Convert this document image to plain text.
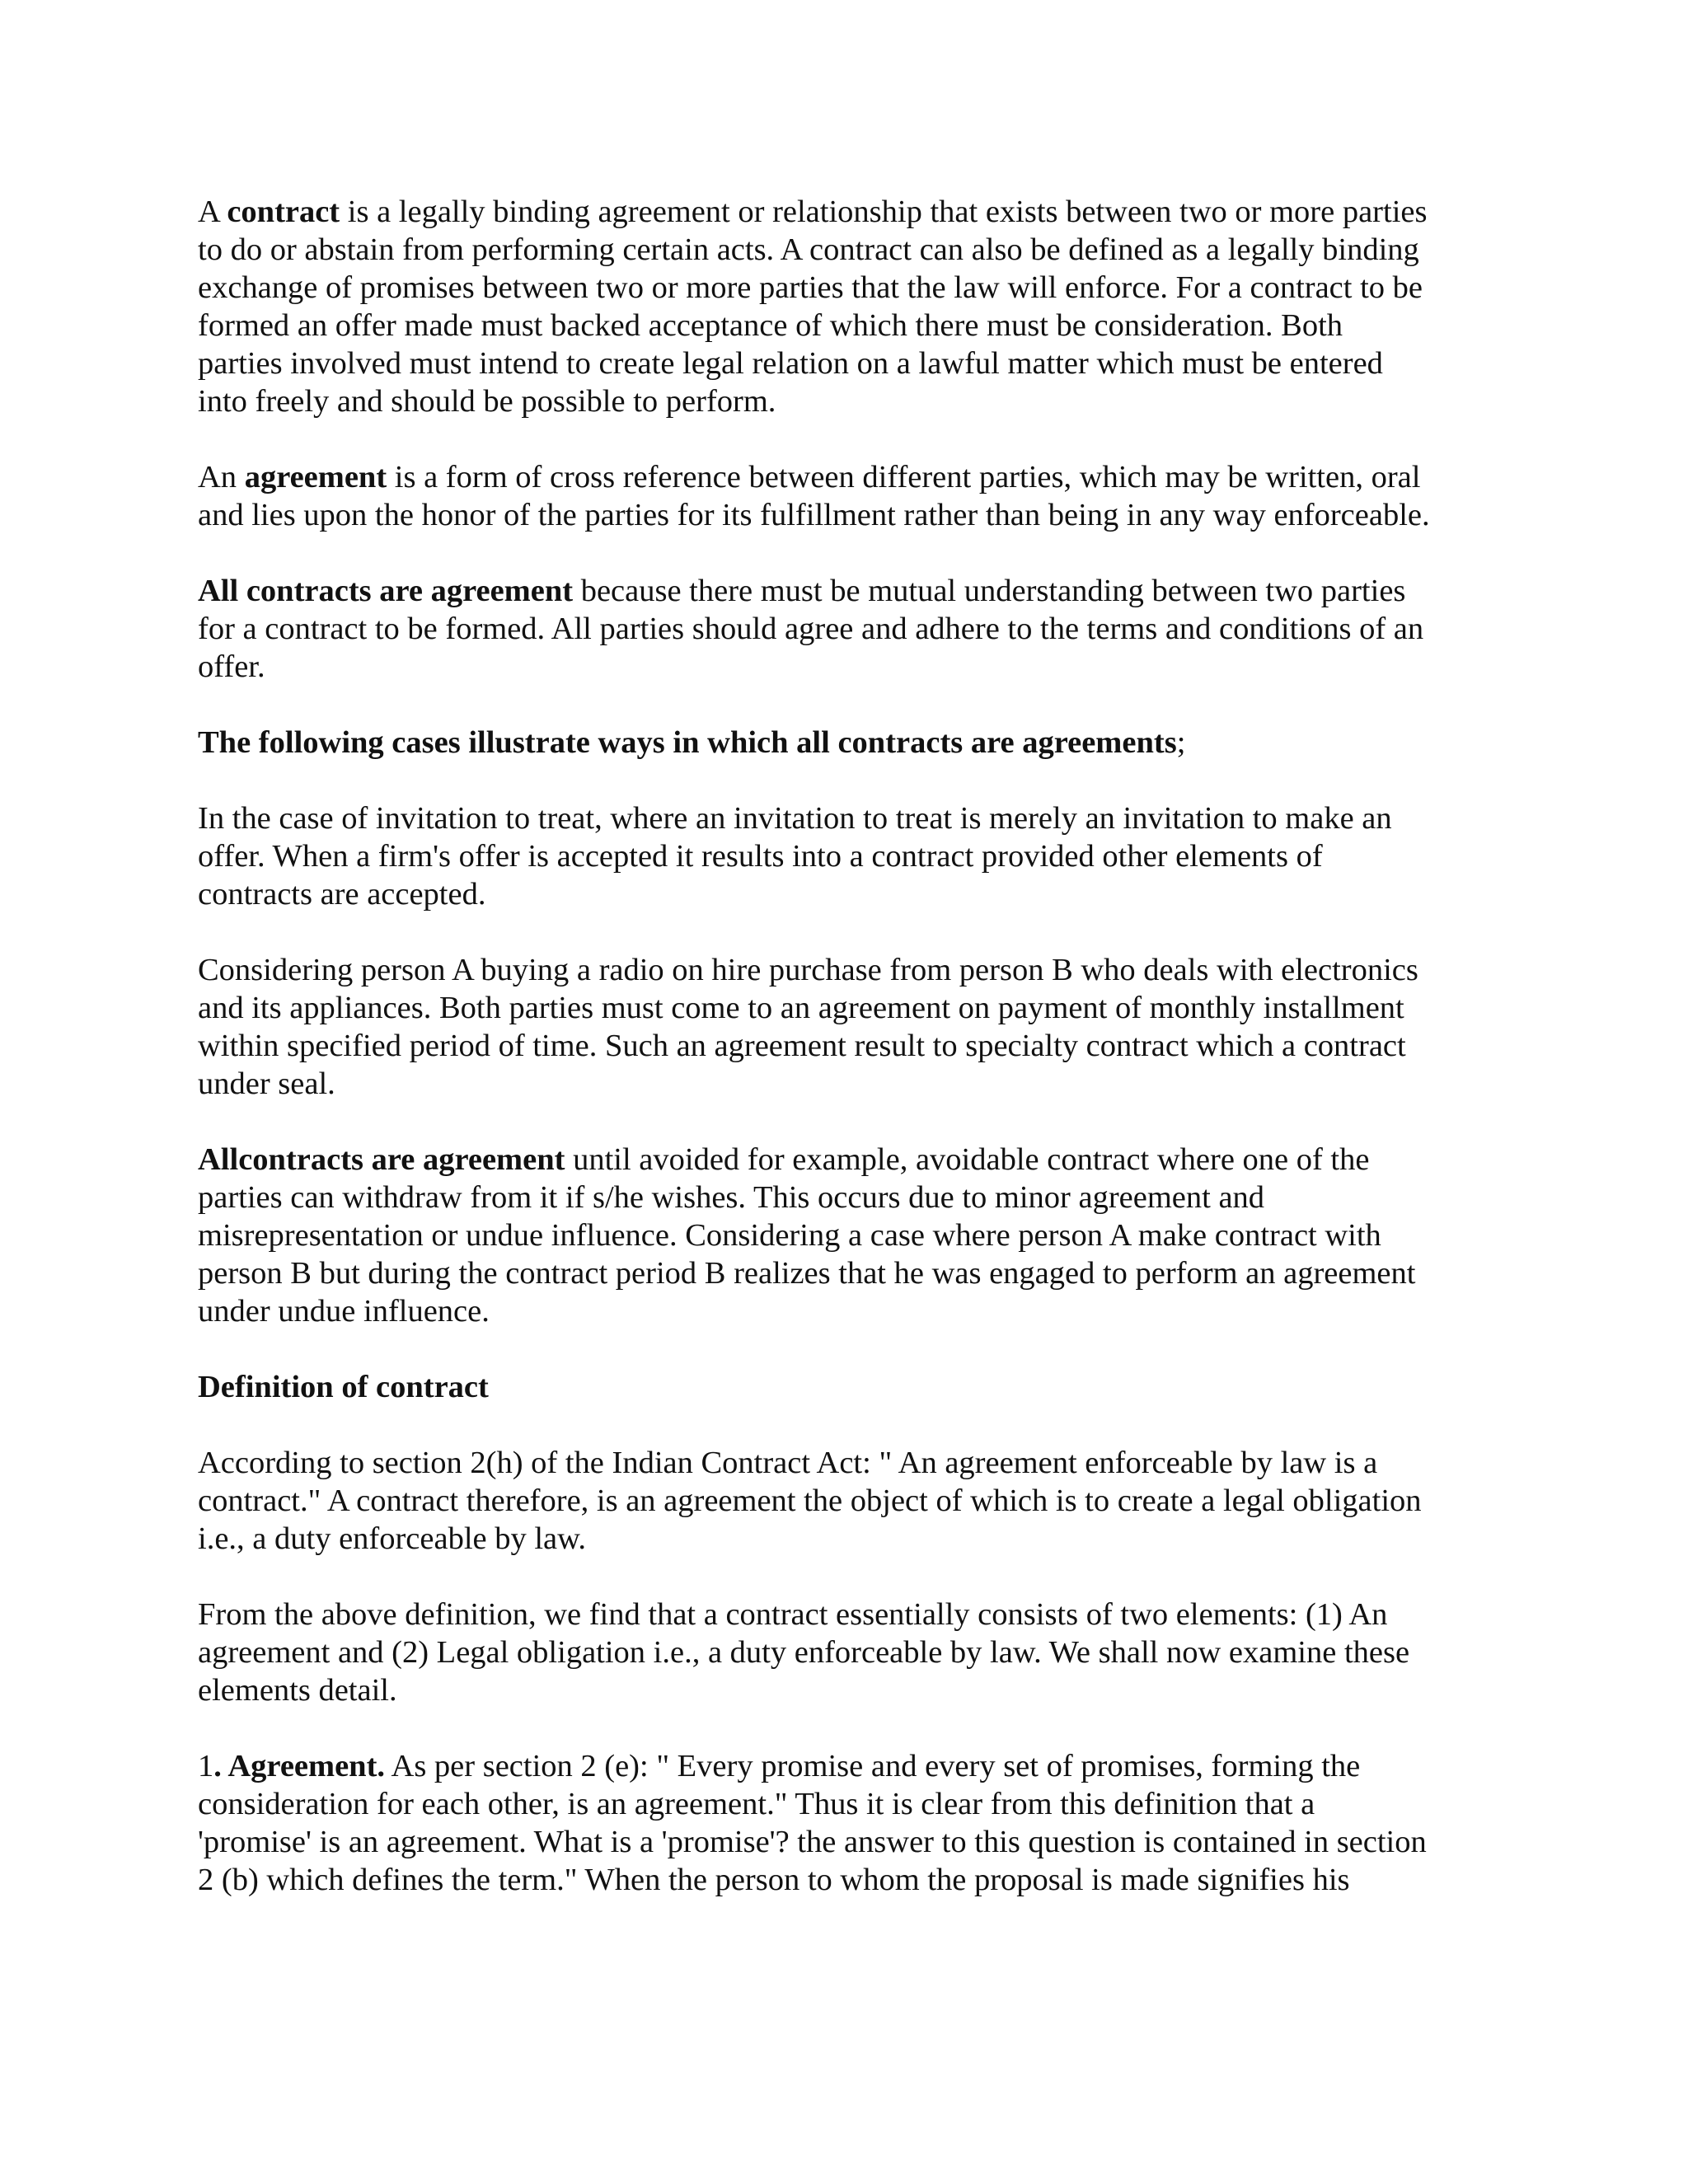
A contract is a legally binding agreement or relationship that exists between two or more parties
to do or abstain from performing certain acts. A contract can also be defined as a legally binding
exchange of promises between two or more parties that the law will enforce. For a contract to be
formed an offer made must backed acceptance of which there must be consideration. Both
parties involved must intend to create legal relation on a lawful matter which must be entered
into freely and should be possible to perform.

An agreement is a form of cross reference between different parties, which may be written, oral
and lies upon the honor of the parties for its fulfillment rather than being in any way enforceable.

All contracts are agreement because there must be mutual understanding between two parties
for a contract to be formed. All parties should agree and adhere to the terms and conditions of an
offer.

The following cases illustrate ways in which all contracts are agreements;

In the case of invitation to treat, where an invitation to treat is merely an invitation to make an
offer. When a firm's offer is accepted it results into a contract provided other elements of
contracts are accepted.

Considering person A buying a radio on hire purchase from person B who deals with electronics
and its appliances. Both parties must come to an agreement on payment of monthly installment
within specified period of time. Such an agreement result to specialty contract which a contract
under seal.

Allcontracts are agreement until avoided for example, avoidable contract where one of the
parties can withdraw from it if s/he wishes. This occurs due to minor agreement and
misrepresentation or undue influence. Considering a case where person A make contract with
person B but during the contract period B realizes that he was engaged to perform an agreement
under undue influence.

Definition of contract

According to section 2(h) of the Indian Contract Act: " An agreement enforceable by law is a
contract." A contract therefore, is an agreement the object of which is to create a legal obligation
i.e., a duty enforceable by law.

From the above definition, we find that a contract essentially consists of two elements: (1) An
agreement and (2) Legal obligation i.e., a duty enforceable by law. We shall now examine these
elements detail.

1. Agreement. As per section 2 (e): " Every promise and every set of promises, forming the
consideration for each other, is an agreement." Thus it is clear from this definition that a
'promise' is an agreement. What is a 'promise'? the answer to this question is contained in section
2 (b) which defines the term." When the person to whom the proposal is made signifies his
